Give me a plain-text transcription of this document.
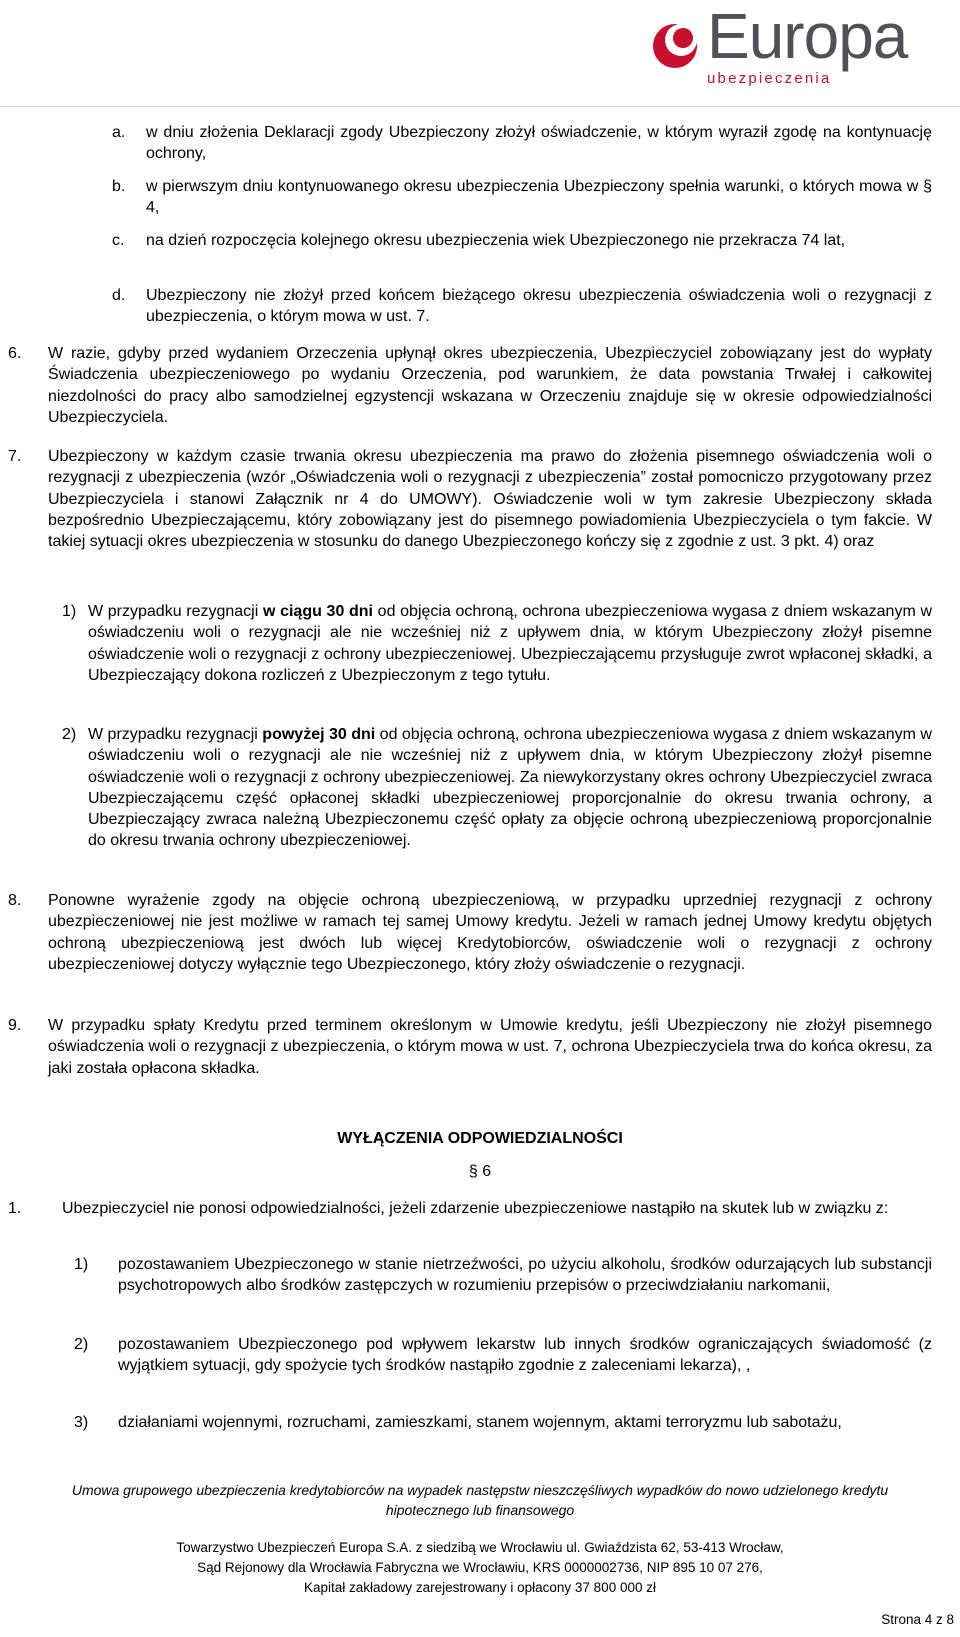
Europa
ubezpieczenia
a. w dniu złożenia Deklaracji zgody Ubezpieczony złożył oświadczenie, w którym wyraził zgodę na kontynuację ochrony,

b. w pierwszym dniu kontynuowanego okresu ubezpieczenia Ubezpieczony spełnia warunki, o których mowa w § 4,

c. na dzień rozpoczęcia kolejnego okresu ubezpieczenia wiek Ubezpieczonego nie przekracza 74 lat,

d. Ubezpieczony nie złożył przed końcem bieżącego okresu ubezpieczenia oświadczenia woli o rezygnacji z ubezpieczenia, o którym mowa w ust. 7.

6. W razie, gdyby przed wydaniem Orzeczenia upłynął okres ubezpieczenia, Ubezpieczyciel zobowiązany jest do wypłaty Świadczenia ubezpieczeniowego po wydaniu Orzeczenia, pod warunkiem, że data powstania Trwałej i całkowitej niezdolności do pracy albo samodzielnej egzystencji wskazana w Orzeczeniu znajduje się w okresie odpowiedzialności Ubezpieczyciela.

7. Ubezpieczony w każdym czasie trwania okresu ubezpieczenia ma prawo do złożenia pisemnego oświadczenia woli o rezygnacji z ubezpieczenia (wzór „Oświadczenia woli o rezygnacji z ubezpieczenia” został pomocniczo przygotowany przez Ubezpieczyciela i stanowi Załącznik nr 4 do UMOWY). Oświadczenie woli w tym zakresie Ubezpieczony składa bezpośrednio Ubezpieczającemu, który zobowiązany jest do pisemnego powiadomienia Ubezpieczyciela o tym fakcie. W takiej sytuacji okres ubezpieczenia w stosunku do danego Ubezpieczonego kończy się z zgodnie z ust. 3 pkt. 4) oraz

1) W przypadku rezygnacji w ciągu 30 dni od objęcia ochroną, ochrona ubezpieczeniowa wygasa z dniem wskazanym w oświadczeniu woli o rezygnacji ale nie wcześniej niż z upływem dnia, w którym Ubezpieczony złożył pisemne oświadczenie woli o rezygnacji z ochrony ubezpieczeniowej. Ubezpieczającemu przysługuje zwrot wpłaconej składki, a Ubezpieczający dokona rozliczeń z Ubezpieczonym z tego tytułu.

2) W przypadku rezygnacji powyżej 30 dni od objęcia ochroną, ochrona ubezpieczeniowa wygasa z dniem wskazanym w oświadczeniu woli o rezygnacji ale nie wcześniej niż z upływem dnia, w którym Ubezpieczony złożył pisemne oświadczenie woli o rezygnacji z ochrony ubezpieczeniowej. Za niewykorzystany okres ochrony Ubezpieczyciel zwraca Ubezpieczającemu część opłaconej składki ubezpieczeniowej proporcjonalnie do okresu trwania ochrony, a Ubezpieczający zwraca należną Ubezpieczonemu część opłaty za objęcie ochroną ubezpieczeniową proporcjonalnie do okresu trwania ochrony ubezpieczeniowej.

8. Ponowne wyrażenie zgody na objęcie ochroną ubezpieczeniową, w przypadku uprzedniej rezygnacji z ochrony ubezpieczeniowej nie jest możliwe w ramach tej samej Umowy kredytu. Jeżeli w ramach jednej Umowy kredytu objętych ochroną ubezpieczeniową jest dwóch lub więcej Kredytobiorców, oświadczenie woli o rezygnacji z ochrony ubezpieczeniowej dotyczy wyłącznie tego Ubezpieczonego, który złoży oświadczenie o rezygnacji.

9. W przypadku spłaty Kredytu przed terminem określonym w Umowie kredytu, jeśli Ubezpieczony nie złożył pisemnego oświadczenia woli o rezygnacji z ubezpieczenia, o którym mowa w ust. 7, ochrona Ubezpieczyciela trwa do końca okresu, za jaki została opłacona składka.

WYŁĄCZENIA ODPOWIEDZIALNOŚCI
§ 6
1.	Ubezpieczyciel nie ponosi odpowiedzialności, jeżeli zdarzenie ubezpieczeniowe nastąpiło na skutek lub w związku z:

1) pozostawaniem Ubezpieczonego w stanie nietrzeźwości, po użyciu alkoholu, środków odurzających lub substancji psychotropowych albo środków zastępczych w rozumieniu przepisów o przeciwdziałaniu narkomanii,

2) pozostawaniem Ubezpieczonego pod wpływem lekarstw lub innych środków ograniczających świadomość (z wyjątkiem sytuacji, gdy spożycie tych środków nastąpiło zgodnie z zaleceniami lekarza), ,

3) działaniami wojennymi, rozruchami, zamieszkami, stanem wojennym, aktami terroryzmu lub sabotażu,

Umowa grupowego ubezpieczenia kredytobiorców na wypadek następstw nieszczęśliwych wypadków do nowo udzielonego kredytu
hipotecznego lub finansowego
Towarzystwo Ubezpieczeń Europa S.A. z siedzibą we Wrocławiu ul. Gwiaździsta 62, 53-413 Wrocław,
Sąd Rejonowy dla Wrocławia Fabryczna we Wrocławiu, KRS 0000002736, NIP 895 10 07 276,
Kapitał zakładowy zarejestrowany i opłacony 37 800 000 zł
Strona 4 z 8
